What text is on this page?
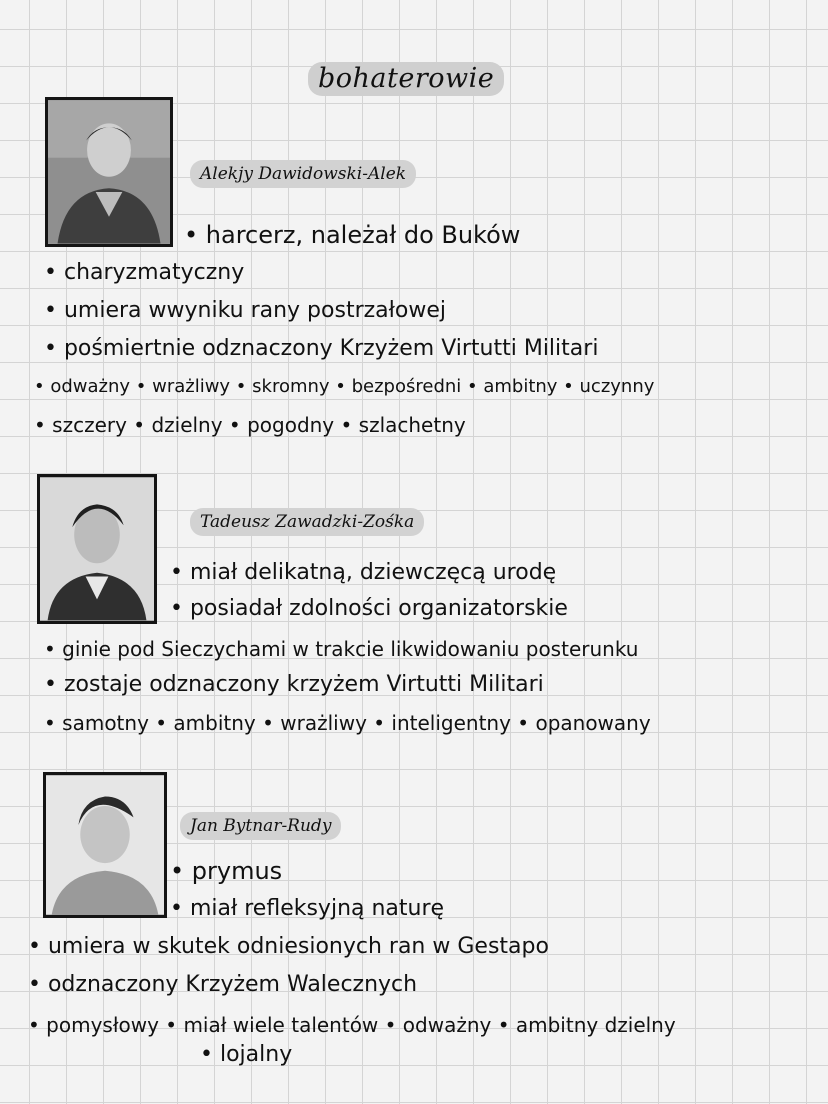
bohaterowie
Alekjy Dawidowski-Alek
• harcerz, należał do Buków
• charyzmatyczny
• umiera wwyniku rany postrzałowej
• pośmiertnie odznaczony Krzyżem Virtutti Militari
• odważny • wrażliwy • skromny • bezpośredni • ambitny • uczynny
• szczery • dzielny • pogodny • szlachetny
Tadeusz Zawadzki-Zośka
• miał delikatną, dziewczęcą urodę
• posiadał zdolności organizatorskie
• ginie pod Sieczychami w trakcie likwidowaniu posterunku
• zostaje odznaczony krzyżem Virtutti Militari
• samotny • ambitny • wrażliwy • inteligentny • opanowany
Jan Bytnar-Rudy
• prymus
• miał refleksyjną naturę
• umiera w skutek odniesionych ran w Gestapo
• odznaczony Krzyżem Walecznych
• pomysłowy • miał wiele talentów • odważny • ambitny dzielny
• lojalny
